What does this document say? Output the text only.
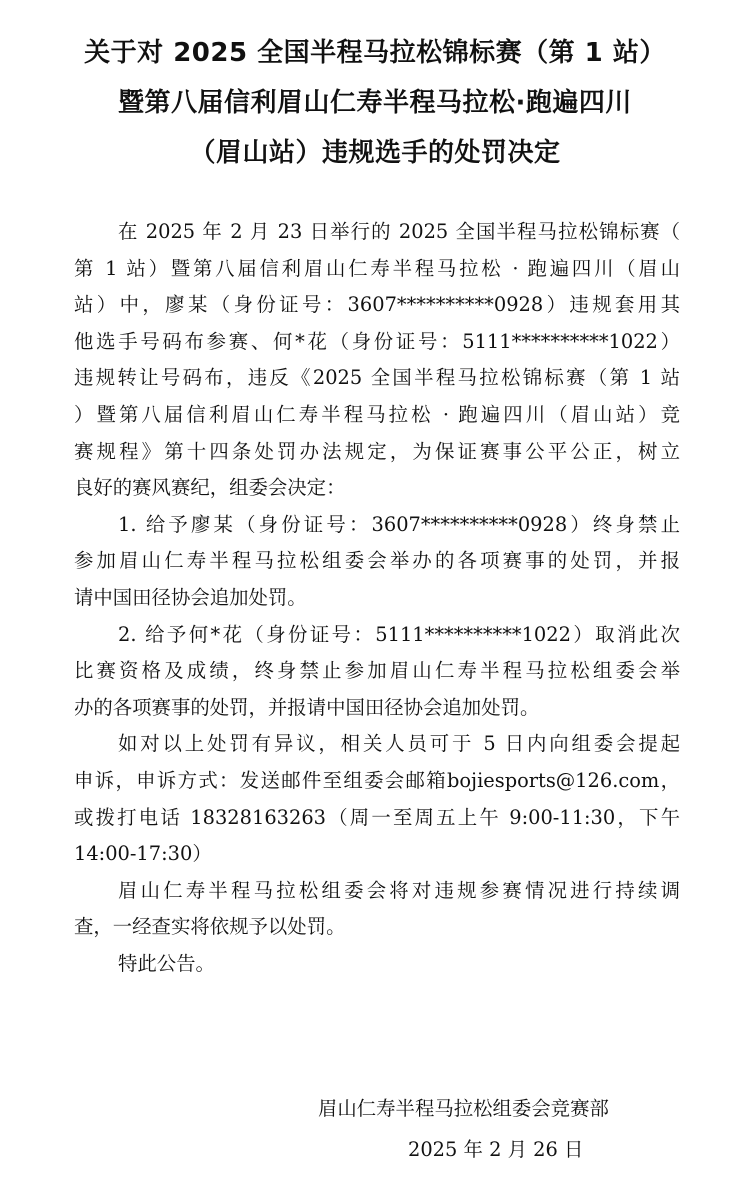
关于对 2025 全国半程马拉松锦标赛（第 1 站）
暨第八届信利眉山仁寿半程马拉松·跑遍四川
（眉山站）违规选手的处罚决定

在 2025 年 2 月 23 日举行的 2025 全国半程马拉松锦标赛（
第 1 站）暨第八届信利眉山仁寿半程马拉松 · 跑遍四川（眉山
站）中，廖某（身份证号：3607**********0928）违规套用其
他选手号码布参赛、何*花（身份证号：5111**********1022）
违规转让号码布，违反《2025 全国半程马拉松锦标赛（第 1 站
）暨第八届信利眉山仁寿半程马拉松 · 跑遍四川（眉山站）竞
赛规程》第十四条处罚办法规定，为保证赛事公平公正，树立
良好的赛风赛纪，组委会决定：

1. 给予廖某（身份证号：3607**********0928）终身禁止
参加眉山仁寿半程马拉松组委会举办的各项赛事的处罚，并报
请中国田径协会追加处罚。

2. 给予何*花（身份证号：5111**********1022）取消此次
比赛资格及成绩，终身禁止参加眉山仁寿半程马拉松组委会举
办的各项赛事的处罚，并报请中国田径协会追加处罚。

如对以上处罚有异议，相关人员可于 5 日内向组委会提起
申诉，申诉方式：发送邮件至组委会邮箱bojiesports@126.com，
或拨打电话 18328163263（周一至周五上午 9:00-11:30，下午
14:00-17:30）

眉山仁寿半程马拉松组委会将对违规参赛情况进行持续调
查，一经查实将依规予以处罚。

特此公告。

眉山仁寿半程马拉松组委会竞赛部
2025 年 2 月 26 日
